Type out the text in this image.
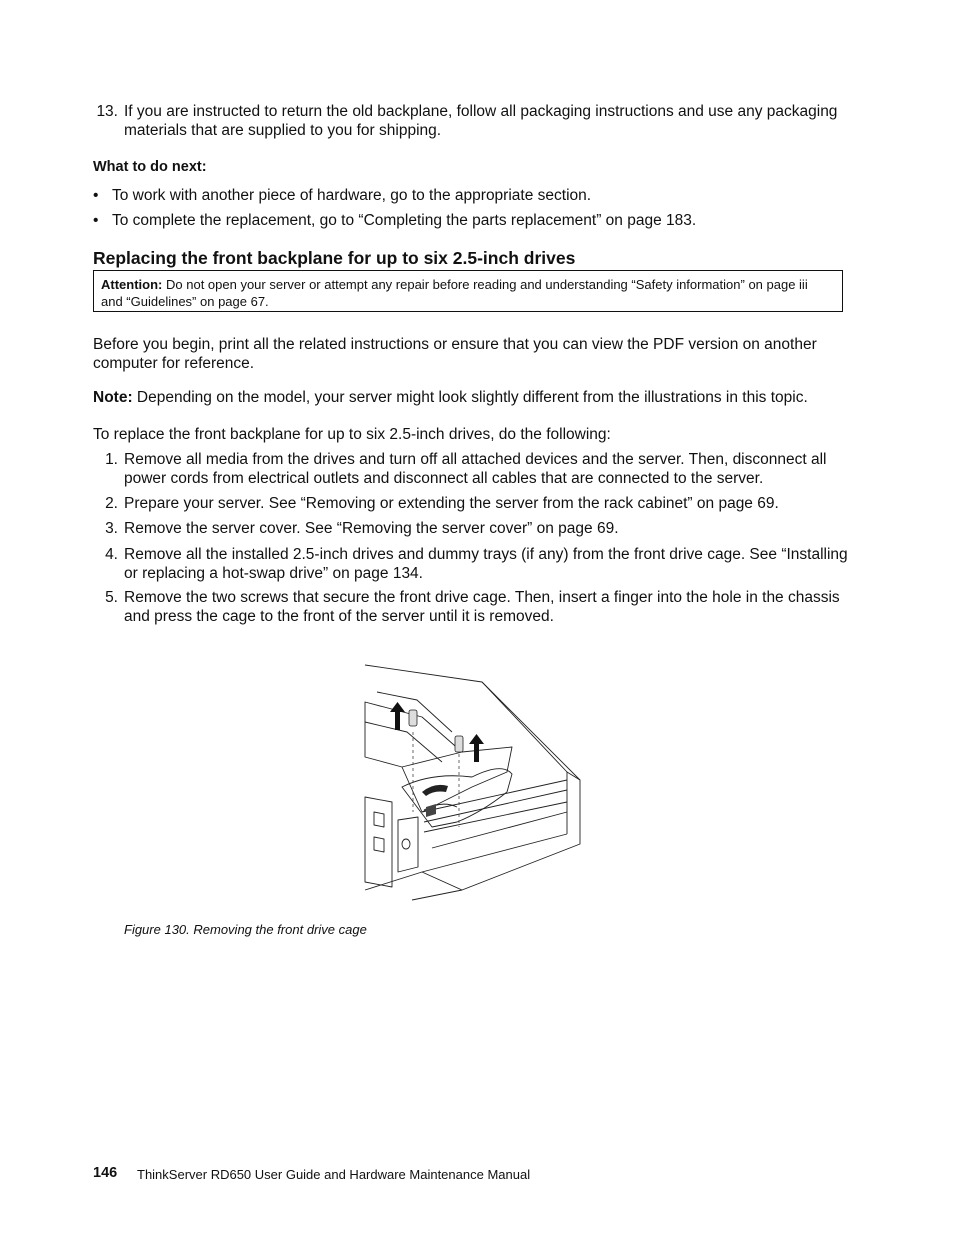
13. If you are instructed to return the old backplane, follow all packaging instructions and use any packaging materials that are supplied to you for shipping.
What to do next:
• To work with another piece of hardware, go to the appropriate section.
• To complete the replacement, go to “Completing the parts replacement” on page 183.
Replacing the front backplane for up to six 2.5-inch drives
Attention: Do not open your server or attempt any repair before reading and understanding “Safety information” on page iii and “Guidelines” on page 67.
Before you begin, print all the related instructions or ensure that you can view the PDF version on another computer for reference.
Note: Depending on the model, your server might look slightly different from the illustrations in this topic.
To replace the front backplane for up to six 2.5-inch drives, do the following:
1. Remove all media from the drives and turn off all attached devices and the server. Then, disconnect all power cords from electrical outlets and disconnect all cables that are connected to the server.
2. Prepare your server. See “Removing or extending the server from the rack cabinet” on page 69.
3. Remove the server cover. See “Removing the server cover” on page 69.
4. Remove all the installed 2.5-inch drives and dummy trays (if any) from the front drive cage. See “Installing or replacing a hot-swap drive” on page 134.
5. Remove the two screws that secure the front drive cage. Then, insert a finger into the hole in the chassis and press the cage to the front of the server until it is removed.
Figure 130. Removing the front drive cage
146 ThinkServer RD650 User Guide and Hardware Maintenance Manual
